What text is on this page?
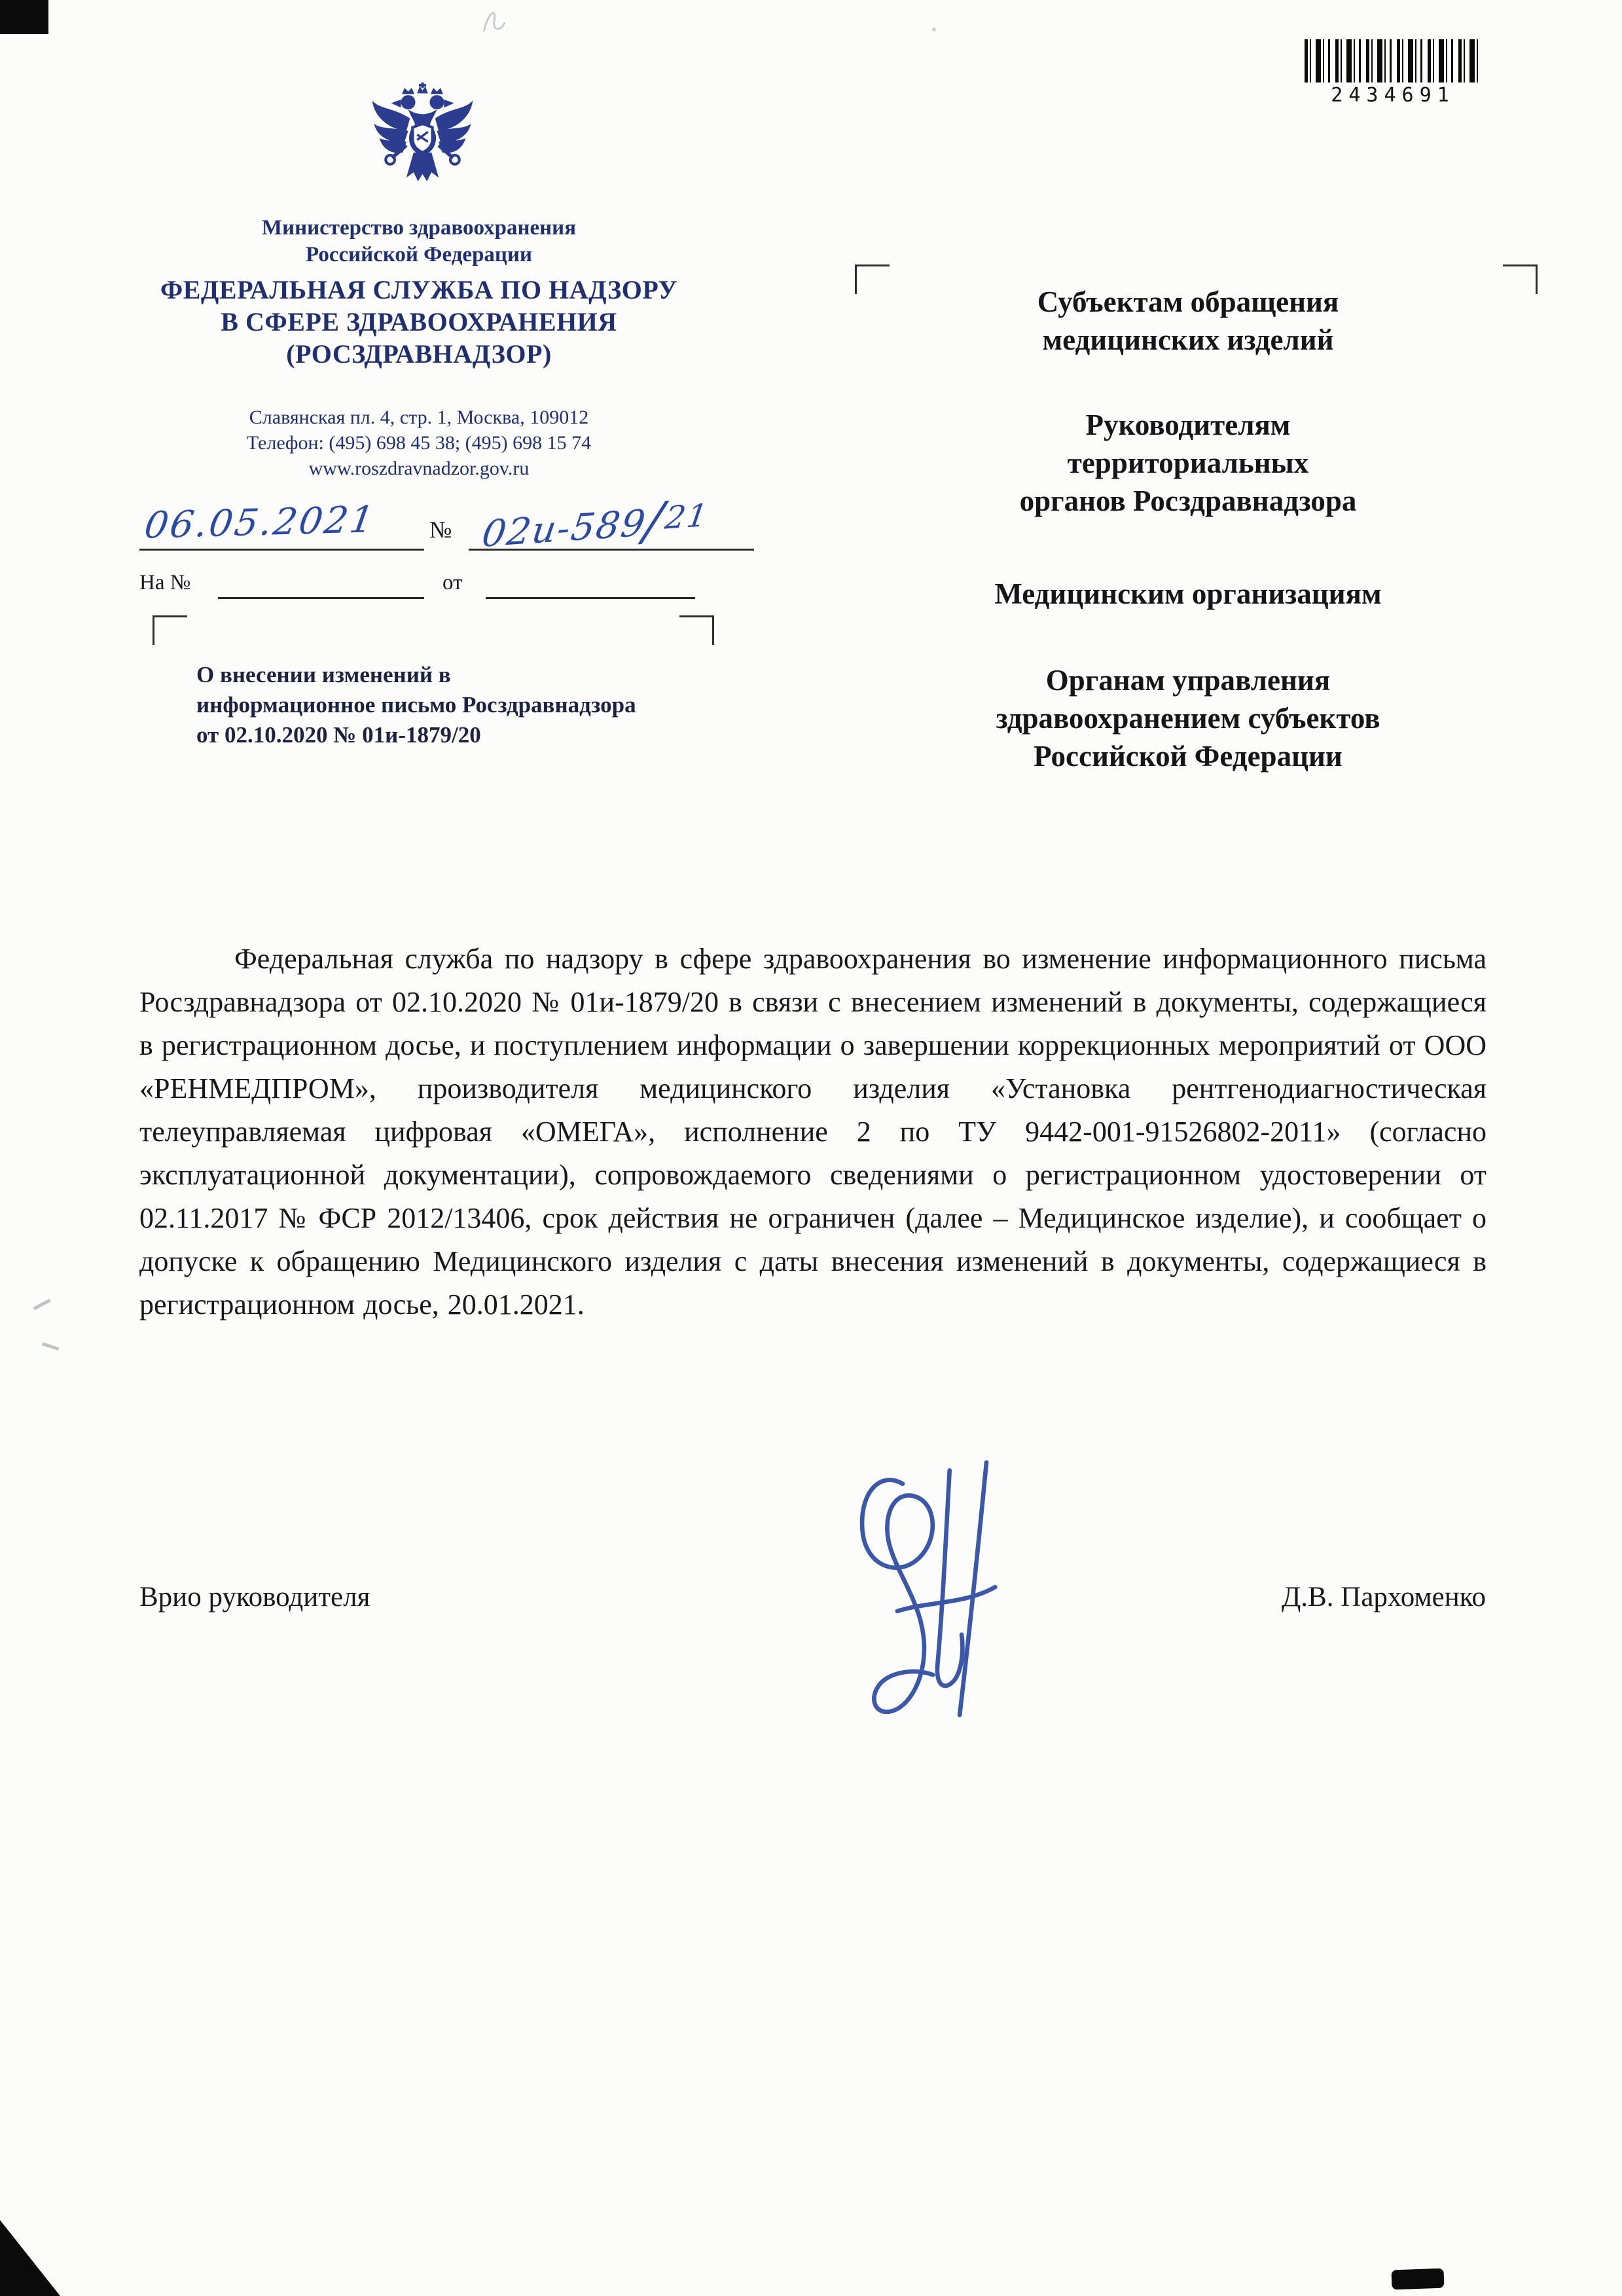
Министерство здравоохранения
Российской Федерации
ФЕДЕРАЛЬНАЯ СЛУЖБА ПО НАДЗОРУ
В СФЕРЕ ЗДРАВООХРАНЕНИЯ
(РОСЗДРАВНАДЗОР)
Славянская пл. 4, стр. 1, Москва, 109012
Телефон: (495) 698 45 38; (495) 698 15 74
www.roszdravnadzor.gov.ru
2434691
06.05.2021 № 02и-589/21
На №	от
О внесении изменений в
информационное письмо Росздравнадзора
от 02.10.2020 № 01и-1879/20
Субъектам обращения
медицинских изделий
Руководителям
территориальных
органов Росздравнадзора
Медицинским организациям
Органам управления
здравоохранением субъектов
Российской Федерации
Федеральная служба по надзору в сфере здравоохранения во изменение информационного письма Росздравнадзора от 02.10.2020 № 01и-1879/20 в связи с внесением изменений в документы, содержащиеся в регистрационном досье, и поступлением информации о завершении коррекционных мероприятий от ООО «РЕНМЕДПРОМ», производителя медицинского изделия «Установка рентгенодиагностическая телеуправляемая цифровая «ОМЕГА», исполнение 2 по ТУ 9442-001-91526802-2011» (согласно эксплуатационной документации), сопровождаемого сведениями о регистрационном удостоверении от 02.11.2017 № ФСР 2012/13406, срок действия не ограничен (далее – Медицинское изделие), и сообщает о допуске к обращению Медицинского изделия с даты внесения изменений в документы, содержащиеся в регистрационном досье, 20.01.2021.
Врио руководителя	Д.В. Пархоменко
